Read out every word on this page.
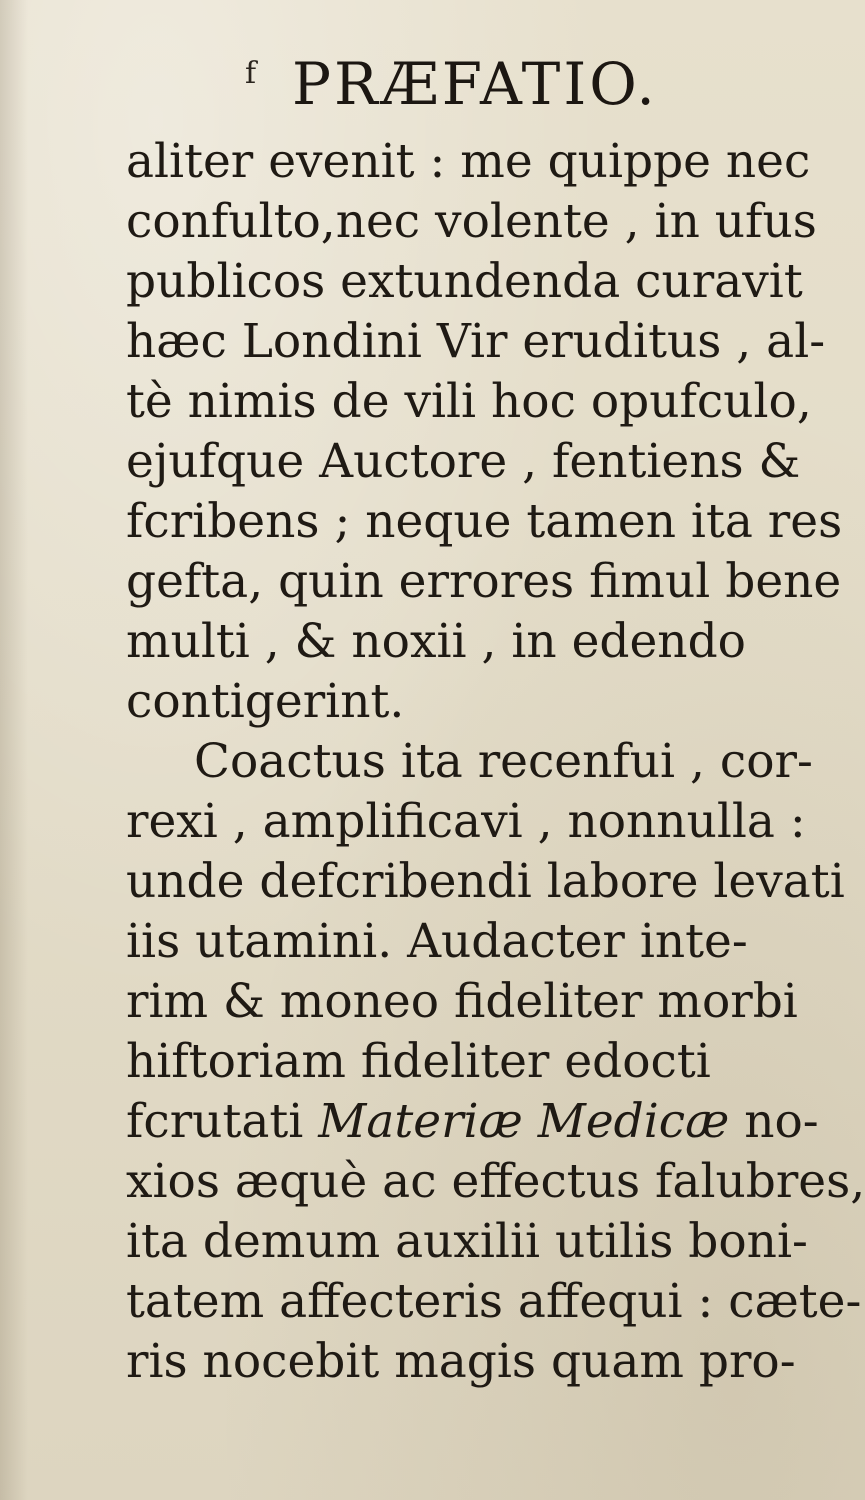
f PRÆFATIO.
aliter evenit : me quippe nec
confulto,nec volente , in ufus
publicos extundenda curavit
hæc Londini Vir eruditus , al-
tè nimis de vili hoc opufculo,
ejufque Auctore , fentiens &
fcribens ; neque tamen ita res
gefta, quin errores fimul bene
multi , & noxii , in edendo
contigerint.
Coactus ita recenfui , cor-
rexi , amplificavi , nonnulla :
unde defcribendi labore levati
iis utamini. Audacter inte-
rim & moneo fideliter morbi
hiftoriam fideliter edocti
fcrutati Materiæ Medicæ no-
xios æquè ac effectus falubres,
ita demum auxilii utilis boni-
tatem affecteris affequi : cæte-
ris nocebit magis quam pro-
